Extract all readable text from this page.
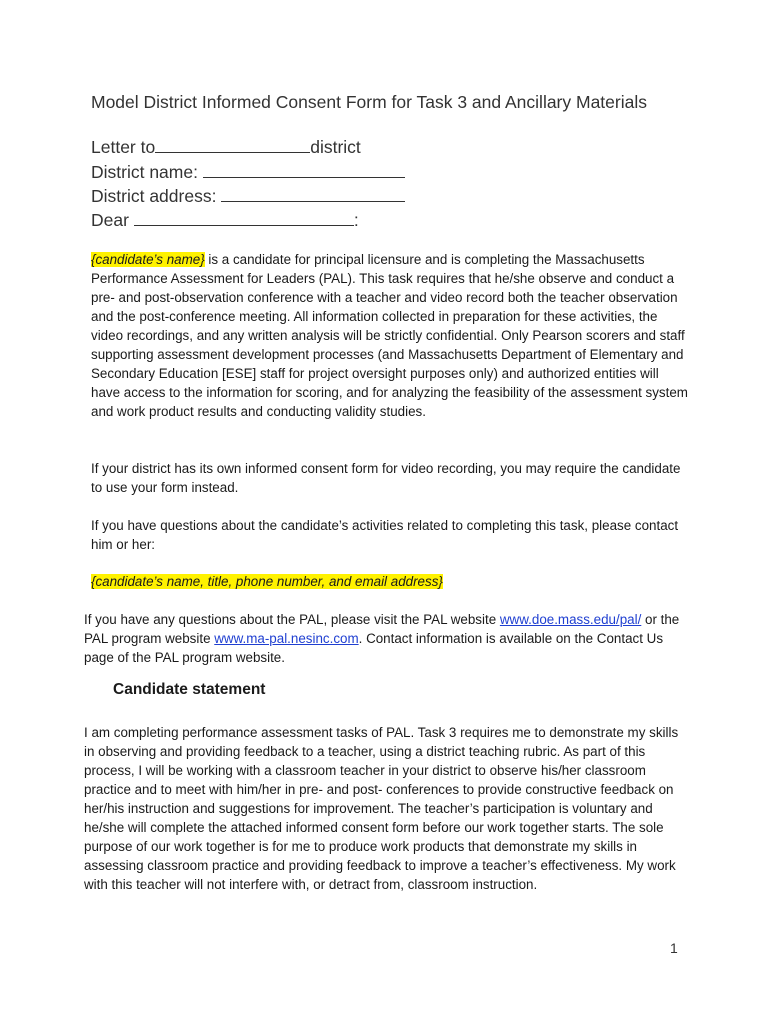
Model District Informed Consent Form for Task 3 and Ancillary Materials
Letter to	district
District name:
District address:
Dear	:

{candidate’s name} is a candidate for principal licensure and is completing the Massachusetts Performance Assessment for Leaders (PAL). This task requires that he/she observe and conduct a pre- and post-observation conference with a teacher and video record both the teacher observation and the post-conference meeting. All information collected in preparation for these activities, the video recordings, and any written analysis will be strictly confidential. Only Pearson scorers and staff supporting assessment development processes (and Massachusetts Department of Elementary and Secondary Education [ESE] staff for project oversight purposes only) and authorized entities will have access to the information for scoring, and for analyzing the feasibility of the assessment system and work product results and conducting validity studies.

If your district has its own informed consent form for video recording, you may require the candidate to use your form instead.

If you have questions about the candidate’s activities related to completing this task, please contact him or her:

{candidate’s name, title, phone number, and email address}

If you have any questions about the PAL, please visit the PAL website www.doe.mass.edu/pal/ or the PAL program website www.ma-pal.nesinc.com. Contact information is available on the Contact Us page of the PAL program website.

Candidate statement

I am completing performance assessment tasks of PAL. Task 3 requires me to demonstrate my skills in observing and providing feedback to a teacher, using a district teaching rubric. As part of this process, I will be working with a classroom teacher in your district to observe his/her classroom practice and to meet with him/her in pre- and post- conferences to provide constructive feedback on her/his instruction and suggestions for improvement. The teacher’s participation is voluntary and he/she will complete the attached informed consent form before our work together starts. The sole purpose of our work together is for me to produce work products that demonstrate my skills in assessing classroom practice and providing feedback to improve a teacher’s effectiveness. My work with this teacher will not interfere with, or detract from, classroom instruction.

1
